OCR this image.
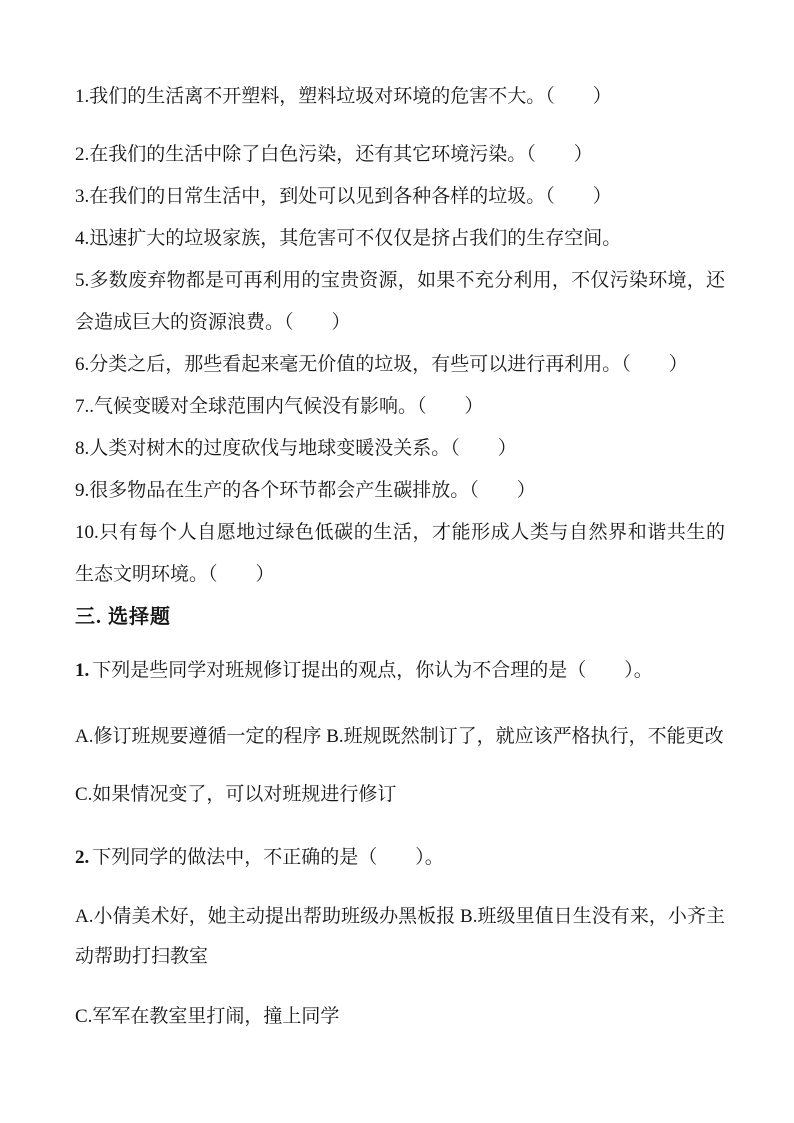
1.我们的生活离不开塑料，塑料垃圾对环境的危害不大。（　　）

2.在我们的生活中除了白色污染，还有其它环境污染。（　　）

3.在我们的日常生活中，到处可以见到各种各样的垃圾。（　　）

4.迅速扩大的垃圾家族，其危害可不仅仅是挤占我们的生存空间。

5.多数废弃物都是可再利用的宝贵资源，如果不充分利用，不仅污染环境，还会造成巨大的资源浪费。（　　）

6.分类之后，那些看起来毫无价值的垃圾，有些可以进行再利用。（　　）

7..气候变暖对全球范围内气候没有影响。（　　）

8.人类对树木的过度砍伐与地球变暖没关系。（　　）

9.很多物品在生产的各个环节都会产生碳排放。（　　）

10.只有每个人自愿地过绿色低碳的生活，才能形成人类与自然界和谐共生的生态文明环境。（　　）

三. 选择题

1. 下列是些同学对班规修订提出的观点，你认为不合理的是（　　）。

A.修订班规要遵循一定的程序 B.班规既然制订了，就应该严格执行，不能更改

C.如果情况变了，可以对班规进行修订

2. 下列同学的做法中，不正确的是（　　）。

A.小倩美术好，她主动提出帮助班级办黑板报 B.班级里值日生没有来，小齐主动帮助打扫教室

C.军军在教室里打闹，撞上同学
